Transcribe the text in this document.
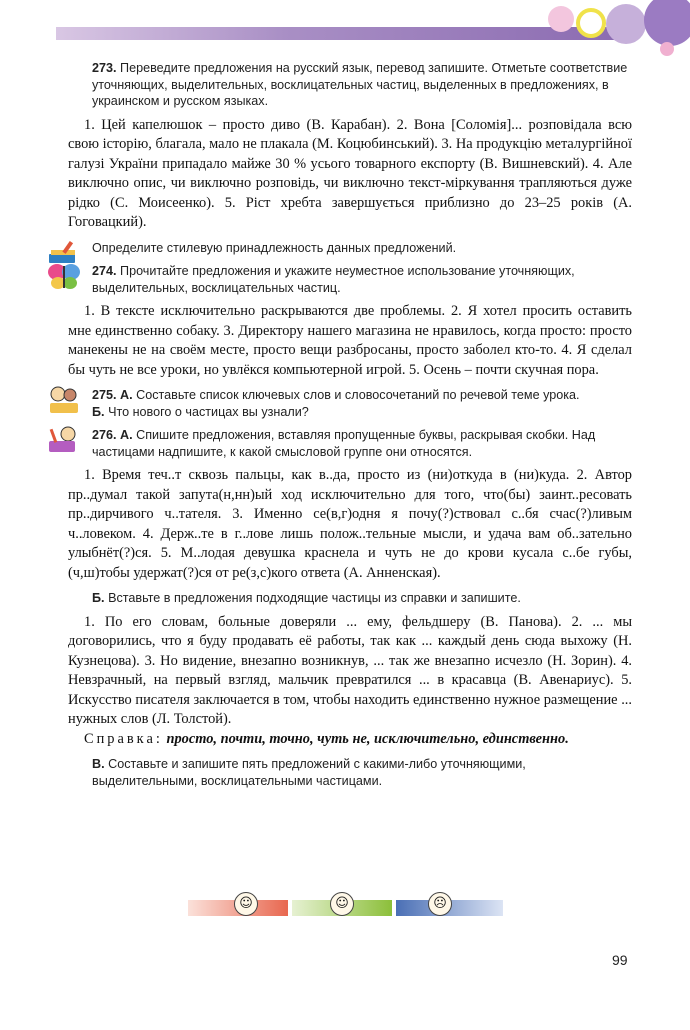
273. Переведите предложения на русский язык, перевод запишите. Отметьте соответствие уточняющих, выделительных, восклицательных частиц, выделенных в предложениях, в украинском и русском языках.
1. Цей капелюшок – просто диво (В. Карабан). 2. Вона [Соломія]... розповідала всю свою історію, благала, мало не плакала (М. Коцюбинський). 3. На продукцію металургійної галузі України припадало майже 30 % усього товарного експорту (В. Вишневский). 4. Але виключно опис, чи виключно розповідь, чи виключно текст-міркування трапляються дуже рідко (С. Моисеенко). 5. Ріст хребта завершується приблизно до 23–25 років (А. Гоговацкий).
Определите стилевую принадлежность данных предложений.
274. Прочитайте предложения и укажите неуместное использование уточняющих, выделительных, восклицательных частиц.
1. В тексте исключительно раскрываются две проблемы. 2. Я хотел просить оставить мне единственно собаку. 3. Директору нашего магазина не нравилось, когда просто: просто манекены не на своём месте, просто вещи разбросаны, просто заболел кто-то. 4. Я сделал бы чуть не все уроки, но увлёкся компьютерной игрой. 5. Осень – почти скучная пора.
275. А. Составьте список ключевых слов и словосочетаний по речевой теме урока.
Б. Что нового о частицах вы узнали?
276. А. Спишите предложения, вставляя пропущенные буквы, раскрывая скобки. Над частицами надпишите, к какой смысловой группе они относятся.
1. Время теч..т сквозь пальцы, как в..да, просто из (ни)откуда в (ни)куда. 2. Автор пр..думал такой запута(н,нн)ый ход исключительно для того, что(бы) заинт..ресовать пр..дирчивого ч..тателя. 3. Именно се(в,г)одня я почу(?)ствовал с..бя счас(?)ливым ч..ловеком. 4. Держ..те в г..лове лишь полож..тельные мысли, и удача вам об..зательно улыбнёт(?)ся. 5. М..лодая девушка краснела и чуть не до крови кусала с..бе губы, (ч,ш)тобы удержат(?)ся от ре(з,с)кого ответа (А. Анненская).
Б. Вставьте в предложения подходящие частицы из справки и запишите.
1. По его словам, больные доверяли ... ему, фельдшеру (В. Панова). 2. ... мы договорились, что я буду продавать её работы, так как ... каждый день сюда выхожу (Н. Кузнецова). 3. Но видение, внезапно возникнув, ... так же внезапно исчезло (Н. Зорин). 4. Невзрачный, на первый взгляд, мальчик превратился ... в красавца (В. Авенариус). 5. Искусство писателя заключается в том, чтобы находить единственно нужное размещение ... нужных слов (Л. Толстой).
Справка: просто, почти, точно, чуть не, исключительно, единственно.
В. Составьте и запишите пять предложений с какими-либо уточняющими, выделительными, восклицательными частицами.
☺	☺	☹
99
